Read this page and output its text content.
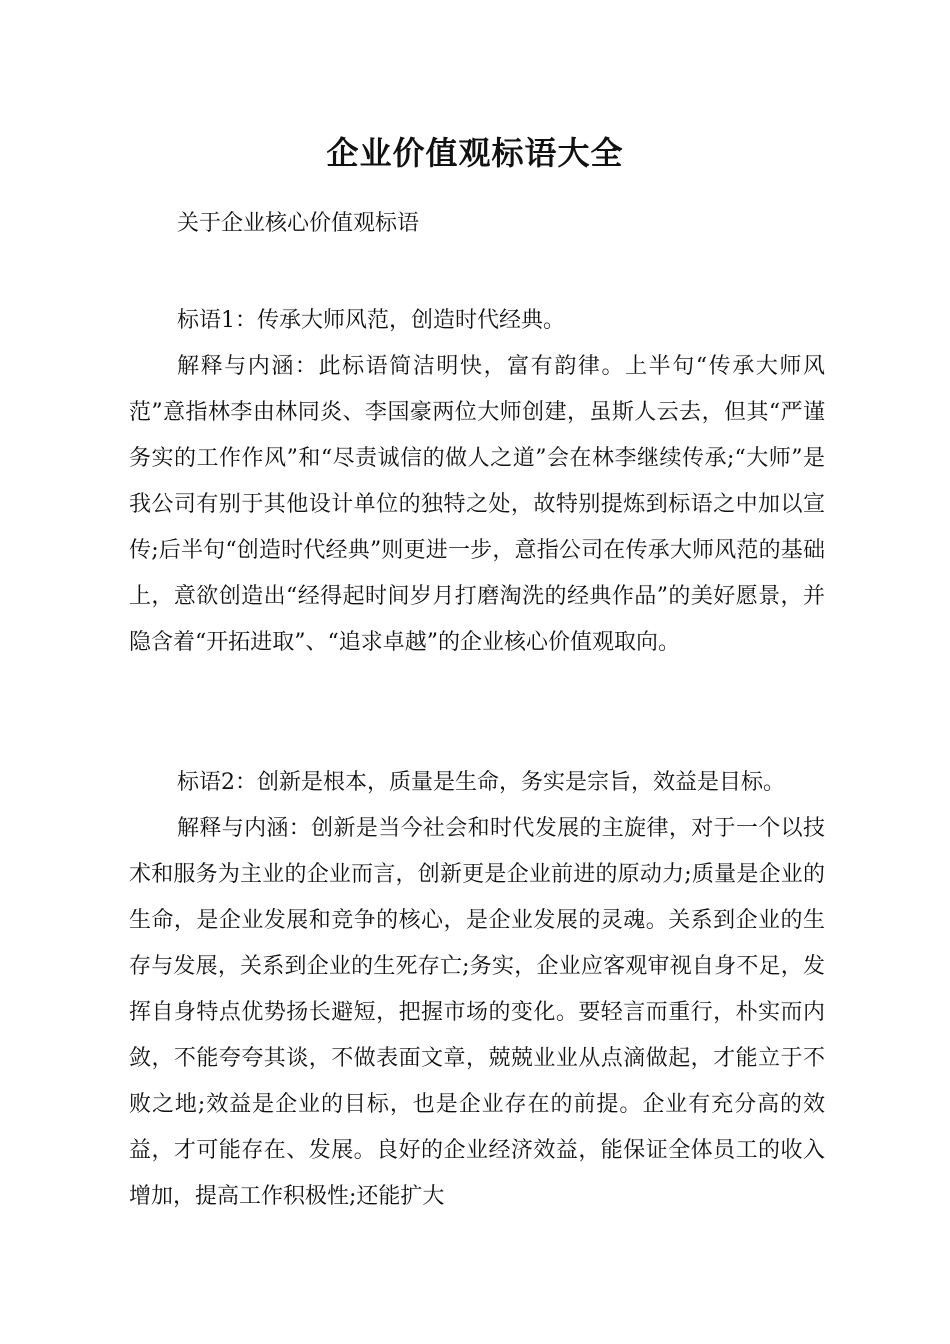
企业价值观标语大全
关于企业核心价值观标语

标语1：传承大师风范，创造时代经典。

解释与内涵：此标语简洁明快，富有韵律。上半句“传承大师风范”意指林李由林同炎、李国豪两位大师创建，虽斯人云去，但其“严谨务实的工作作风”和“尽责诚信的做人之道”会在林李继续传承;“大师”是我公司有别于其他设计单位的独特之处，故特别提炼到标语之中加以宣传;后半句“创造时代经典”则更进一步，意指公司在传承大师风范的基础上，意欲创造出“经得起时间岁月打磨淘洗的经典作品”的美好愿景，并隐含着“开拓进取”、“追求卓越”的企业核心价值观取向。

标语2：创新是根本，质量是生命，务实是宗旨，效益是目标。

解释与内涵：创新是当今社会和时代发展的主旋律，对于一个以技术和服务为主业的企业而言，创新更是企业前进的原动力;质量是企业的生命，是企业发展和竞争的核心，是企业发展的灵魂。关系到企业的生存与发展，关系到企业的生死存亡;务实，企业应客观审视自身不足，发挥自身特点优势扬长避短，把握市场的变化。要轻言而重行，朴实而内敛，不能夸夸其谈，不做表面文章，兢兢业业从点滴做起，才能立于不败之地;效益是企业的目标，也是企业存在的前提。企业有充分高的效益，才可能存在、发展。良好的企业经济效益，能保证全体员工的收入增加，提高工作积极性;还能扩大
